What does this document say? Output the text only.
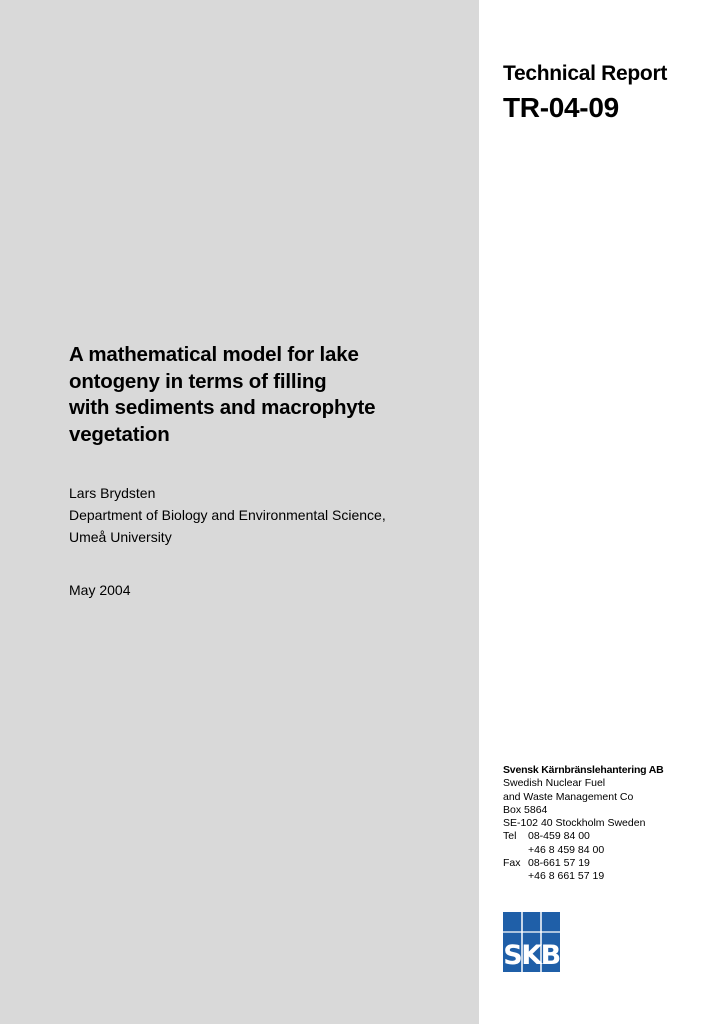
Technical Report
TR-04-09
A mathematical model for lake
ontogeny in terms of filling
with sediments and macrophyte
vegetation
Lars Brydsten
Department of Biology and Environmental Science,
Umeå University
May 2004
Svensk Kärnbränslehantering AB
Swedish Nuclear Fuel
and Waste Management Co
Box 5864
SE-102 40 Stockholm Sweden
Tel 08-459 84 00
+46 8 459 84 00
Fax 08-661 57 19
+46 8 661 57 19
SKB
